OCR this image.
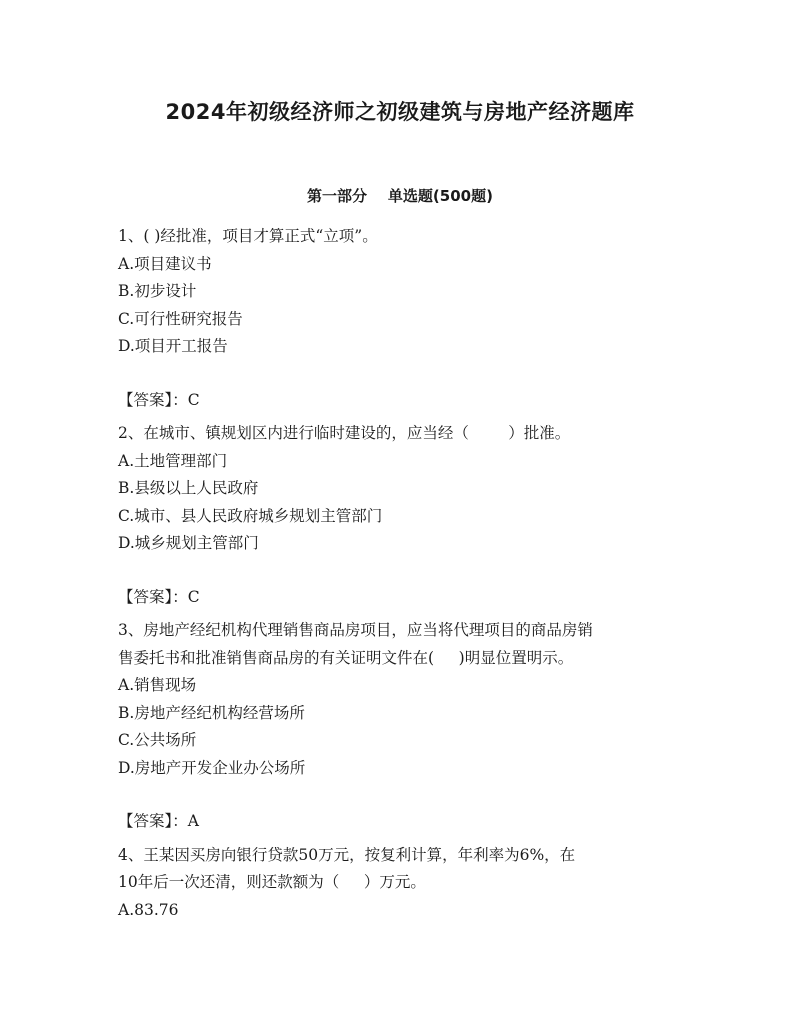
2024年初级经济师之初级建筑与房地产经济题库
第一部分    单选题(500题)
1、( )经批准，项目才算正式“立项”。
A.项目建议书
B.初步设计
C.可行性研究报告
D.项目开工报告
【答案】：C
2、在城市、镇规划区内进行临时建设的，应当经（        ）批准。
A.土地管理部门
B.县级以上人民政府
C.城市、县人民政府城乡规划主管部门
D.城乡规划主管部门
【答案】：C
3、房地产经纪机构代理销售商品房项目，应当将代理项目的商品房销
售委托书和批准销售商品房的有关证明文件在(     )明显位置明示。
A.销售现场
B.房地产经纪机构经营场所
C.公共场所
D.房地产开发企业办公场所
【答案】：A
4、王某因买房向银行贷款50万元，按复利计算，年利率为6%，在
10年后一次还清，则还款额为（     ）万元。
A.83.76
